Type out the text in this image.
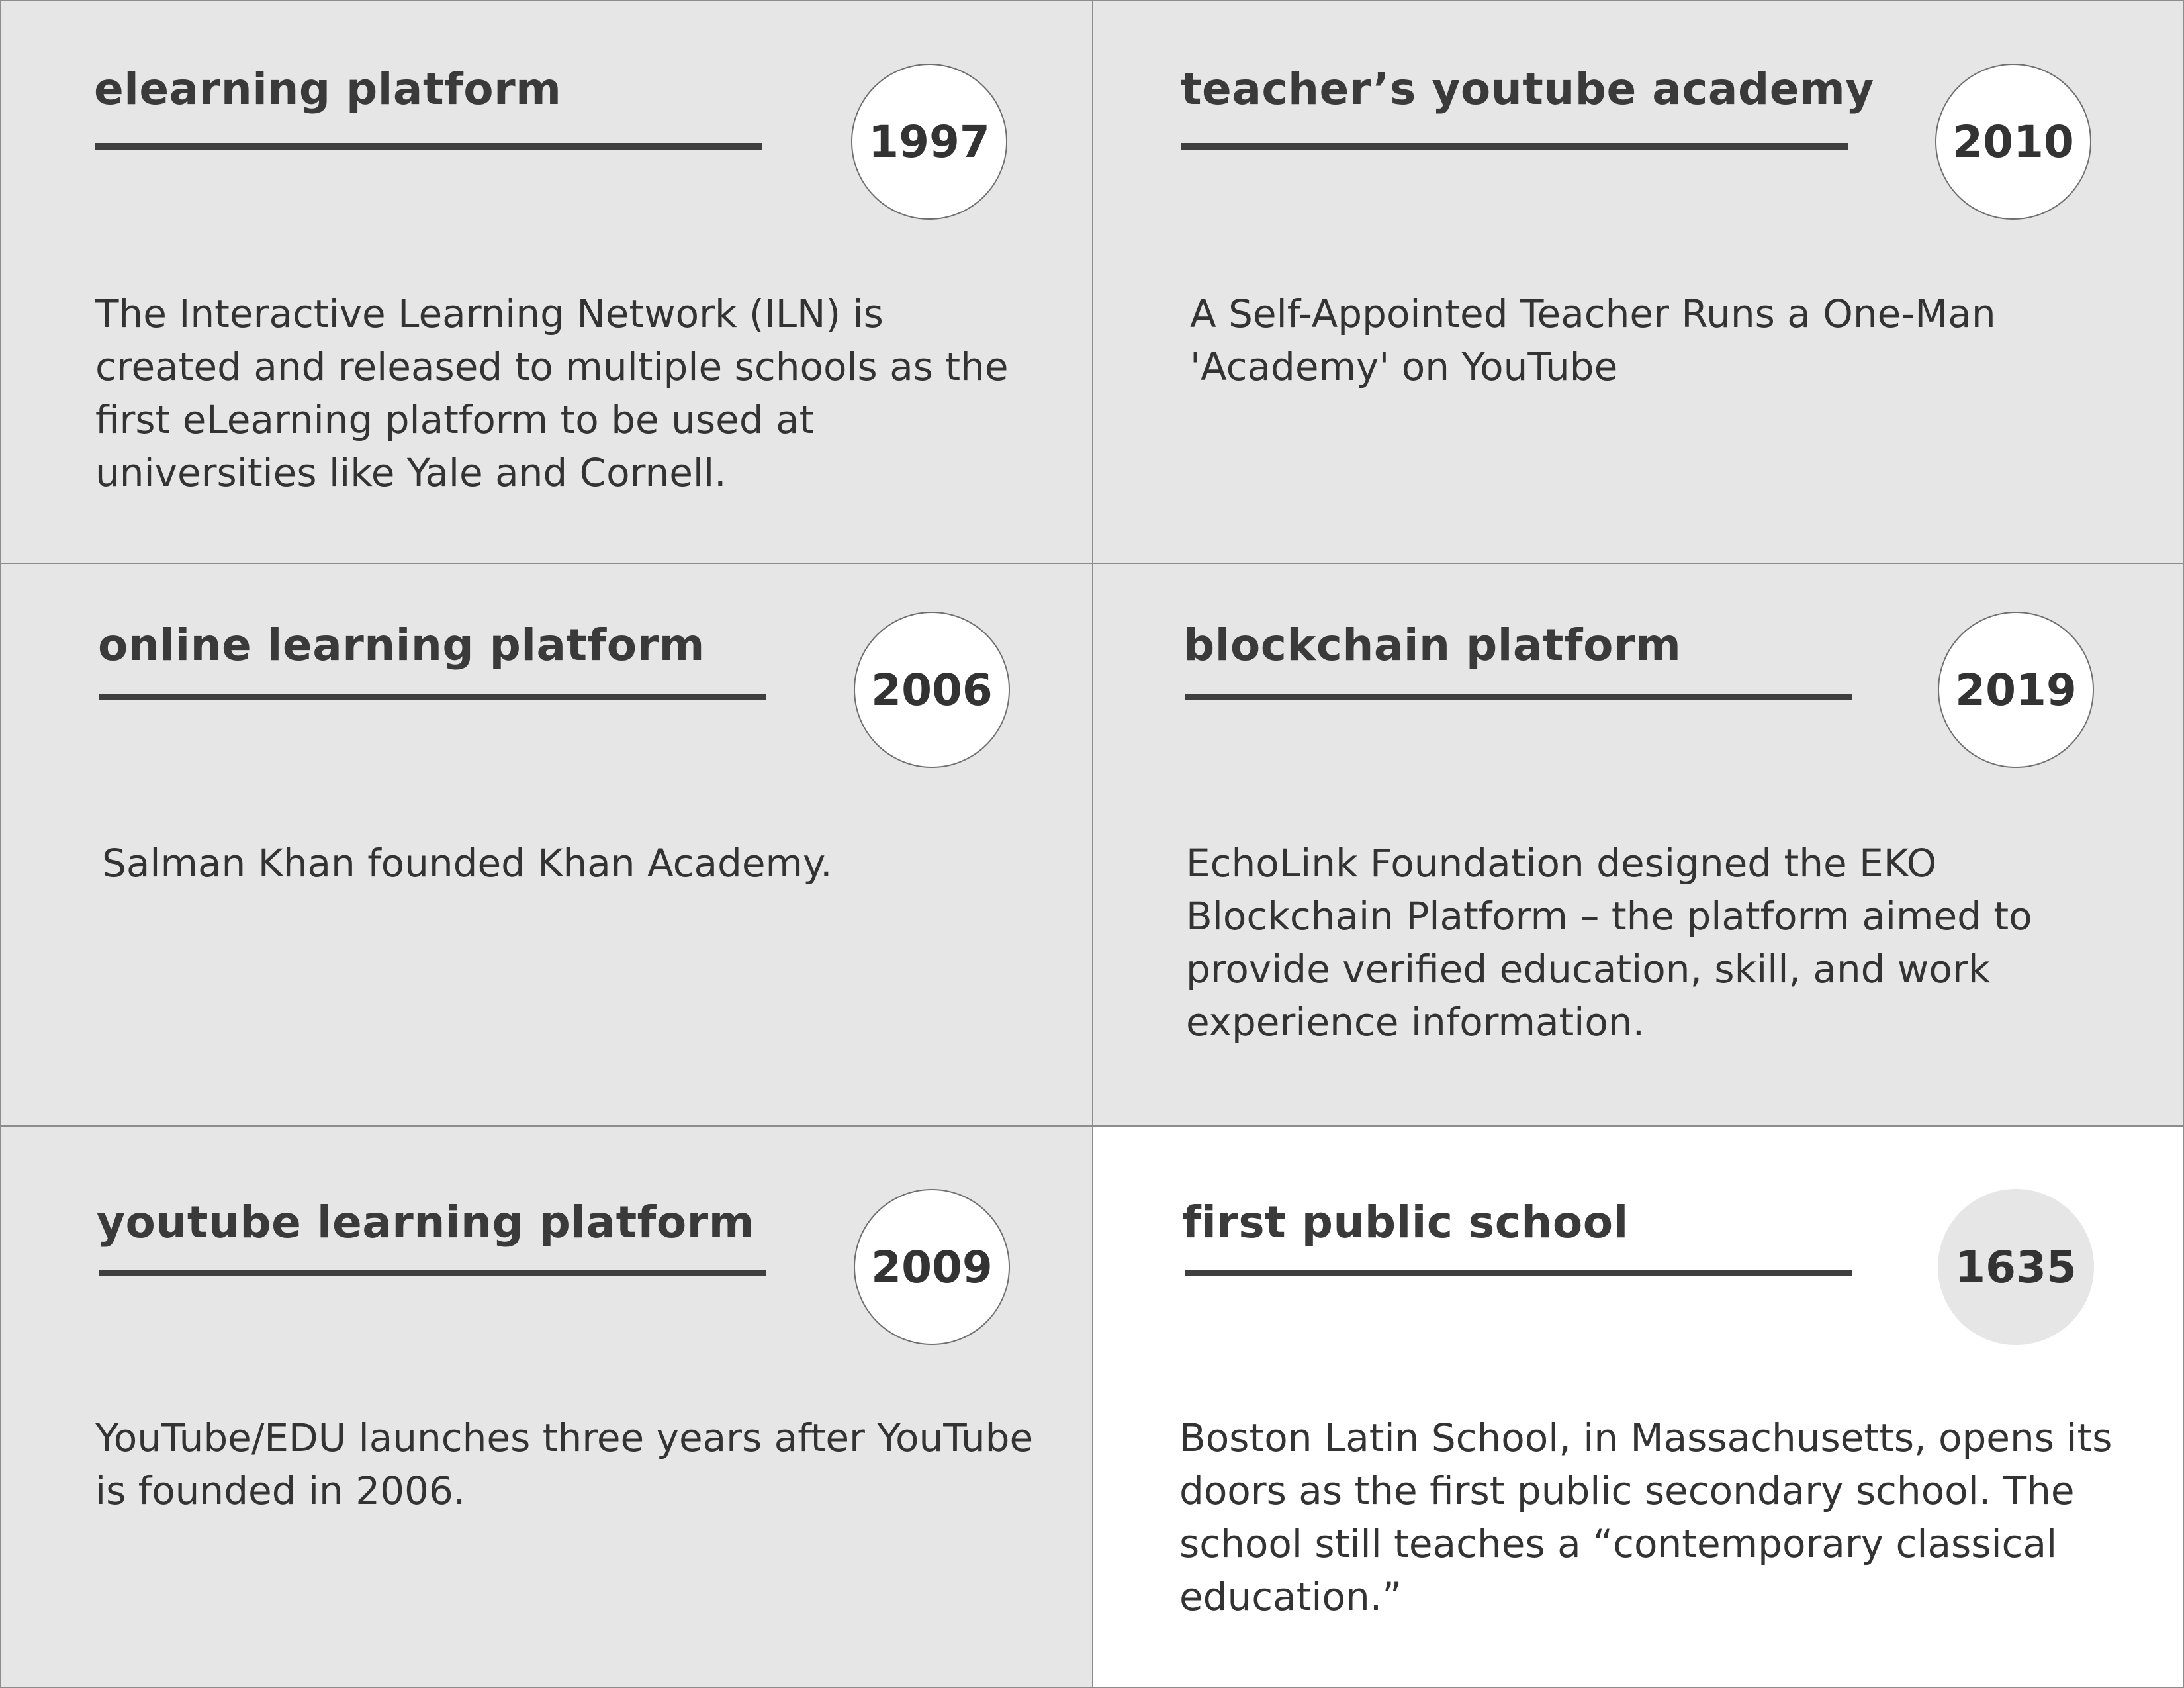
elearning platform
1997

The Interactive Learning Network (ILN) is created and released to multiple schools as the first eLearning platform to be used at universities like Yale and Cornell.

teacher’s youtube academy
2010

A Self-Appointed Teacher Runs a One-Man 'Academy' on YouTube

online learning platform
2006

Salman Khan founded Khan Academy.

blockchain platform
2019

EchoLink Foundation designed the EKO Blockchain Platform – the platform aimed to provide verified education, skill, and work experience information.

youtube learning platform
2009

YouTube/EDU launches three years after YouTube is founded in 2006.

first public school
1635

Boston Latin School, in Massachusetts, opens its doors as the first public secondary school. The school still teaches a “contemporary classical education.”
